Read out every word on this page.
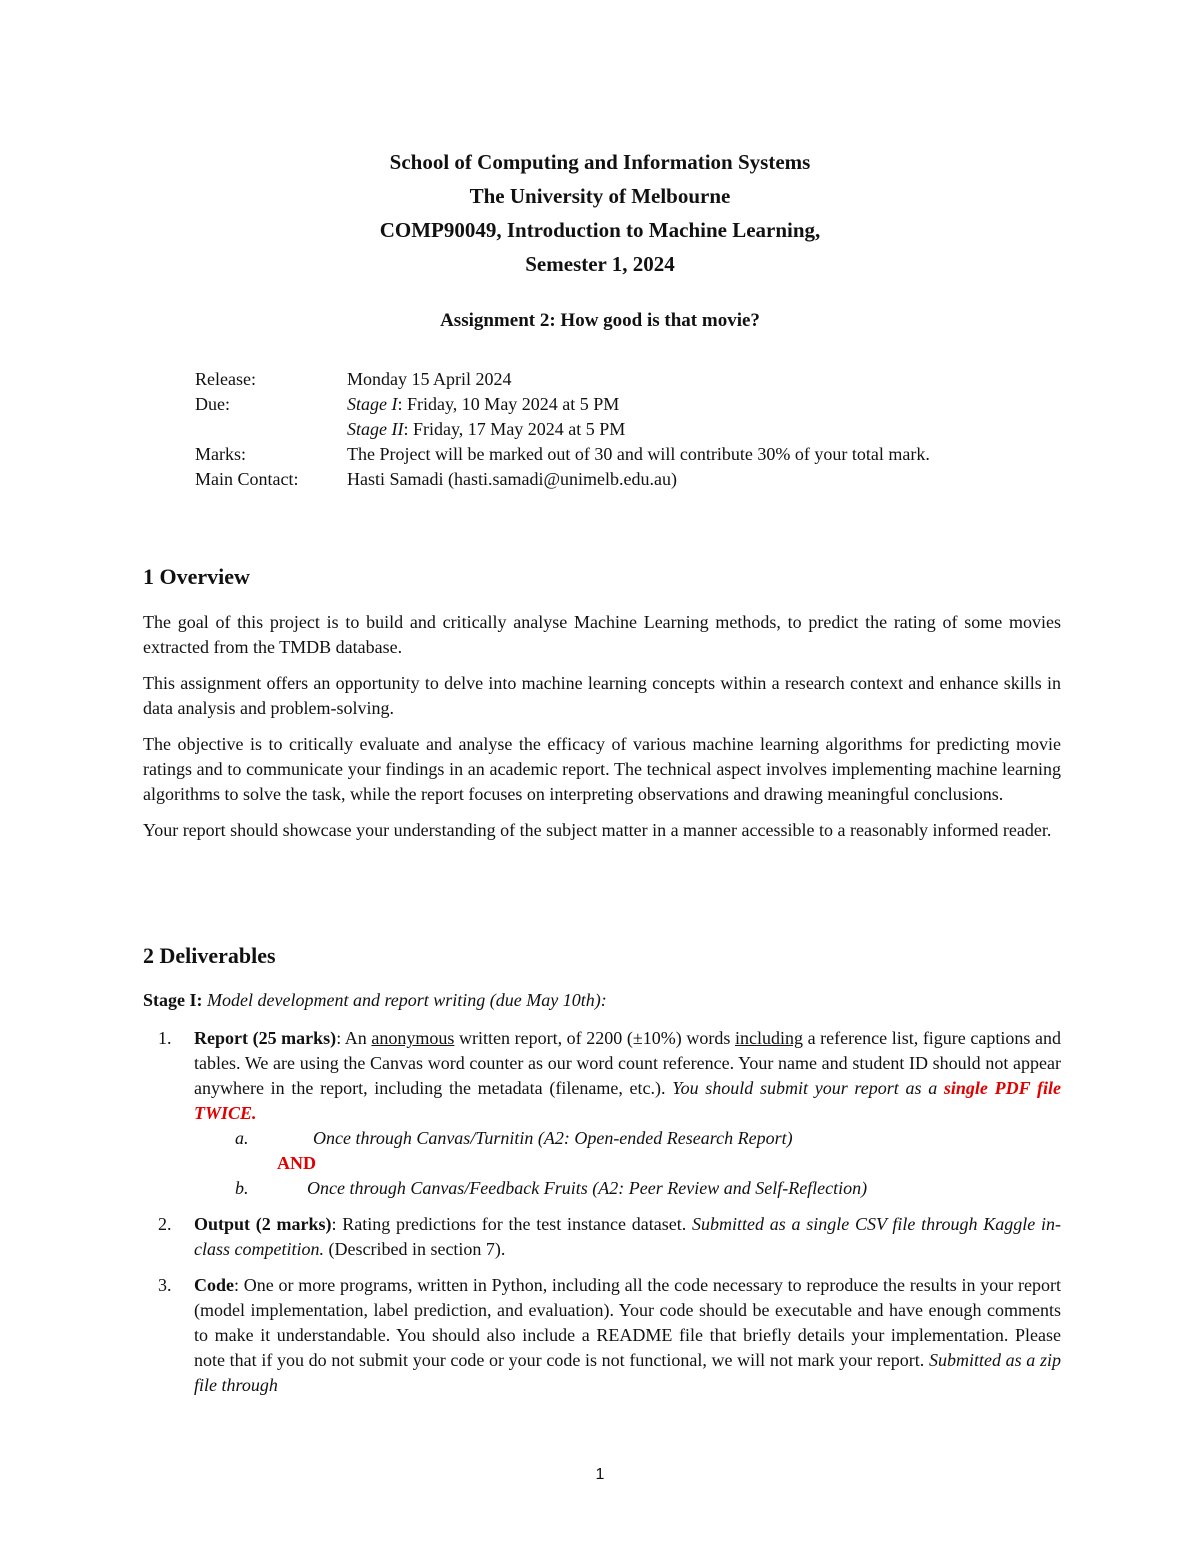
School of Computing and Information Systems
The University of Melbourne
COMP90049, Introduction to Machine Learning,
Semester 1, 2024
Assignment 2: How good is that movie?
Release:	Monday 15 April 2024
Due:	Stage I: Friday, 10 May 2024 at 5 PM
Stage II: Friday, 17 May 2024 at 5 PM
Marks:	The Project will be marked out of 30 and will contribute 30% of your total mark.
Main Contact:	Hasti Samadi (hasti.samadi@unimelb.edu.au)
1 Overview

The goal of this project is to build and critically analyse Machine Learning methods, to predict the rating of some movies extracted from the TMDB database.

This assignment offers an opportunity to delve into machine learning concepts within a research context and enhance skills in data analysis and problem-solving.

The objective is to critically evaluate and analyse the efficacy of various machine learning algorithms for predicting movie ratings and to communicate your findings in an academic report. The technical aspect involves implementing machine learning algorithms to solve the task, while the report focuses on interpreting observations and drawing meaningful conclusions.

Your report should showcase your understanding of the subject matter in a manner accessible to a reasonably informed reader.

2 Deliverables
Stage I: Model development and report writing (due May 10th):
1.	Report (25 marks): An anonymous written report, of 2200 (±10%) words including a reference list, figure captions and tables. We are using the Canvas word counter as our word count reference. Your name and student ID should not appear anywhere in the report, including the metadata (filename, etc.). You should submit your report as a single PDF file TWICE.
a.	Once through Canvas/Turnitin (A2: Open-ended Research Report)
AND
b.	Once through Canvas/Feedback Fruits (A2: Peer Review and Self-Reflection)
2.	Output (2 marks): Rating predictions for the test instance dataset. Submitted as a single CSV file through Kaggle in-class competition. (Described in section 7).
3.	Code: One or more programs, written in Python, including all the code necessary to reproduce the results in your report (model implementation, label prediction, and evaluation). Your code should be executable and have enough comments to make it understandable. You should also include a README file that briefly details your implementation. Please note that if you do not submit your code or your code is not functional, we will not mark your report. Submitted as a zip file through
1
